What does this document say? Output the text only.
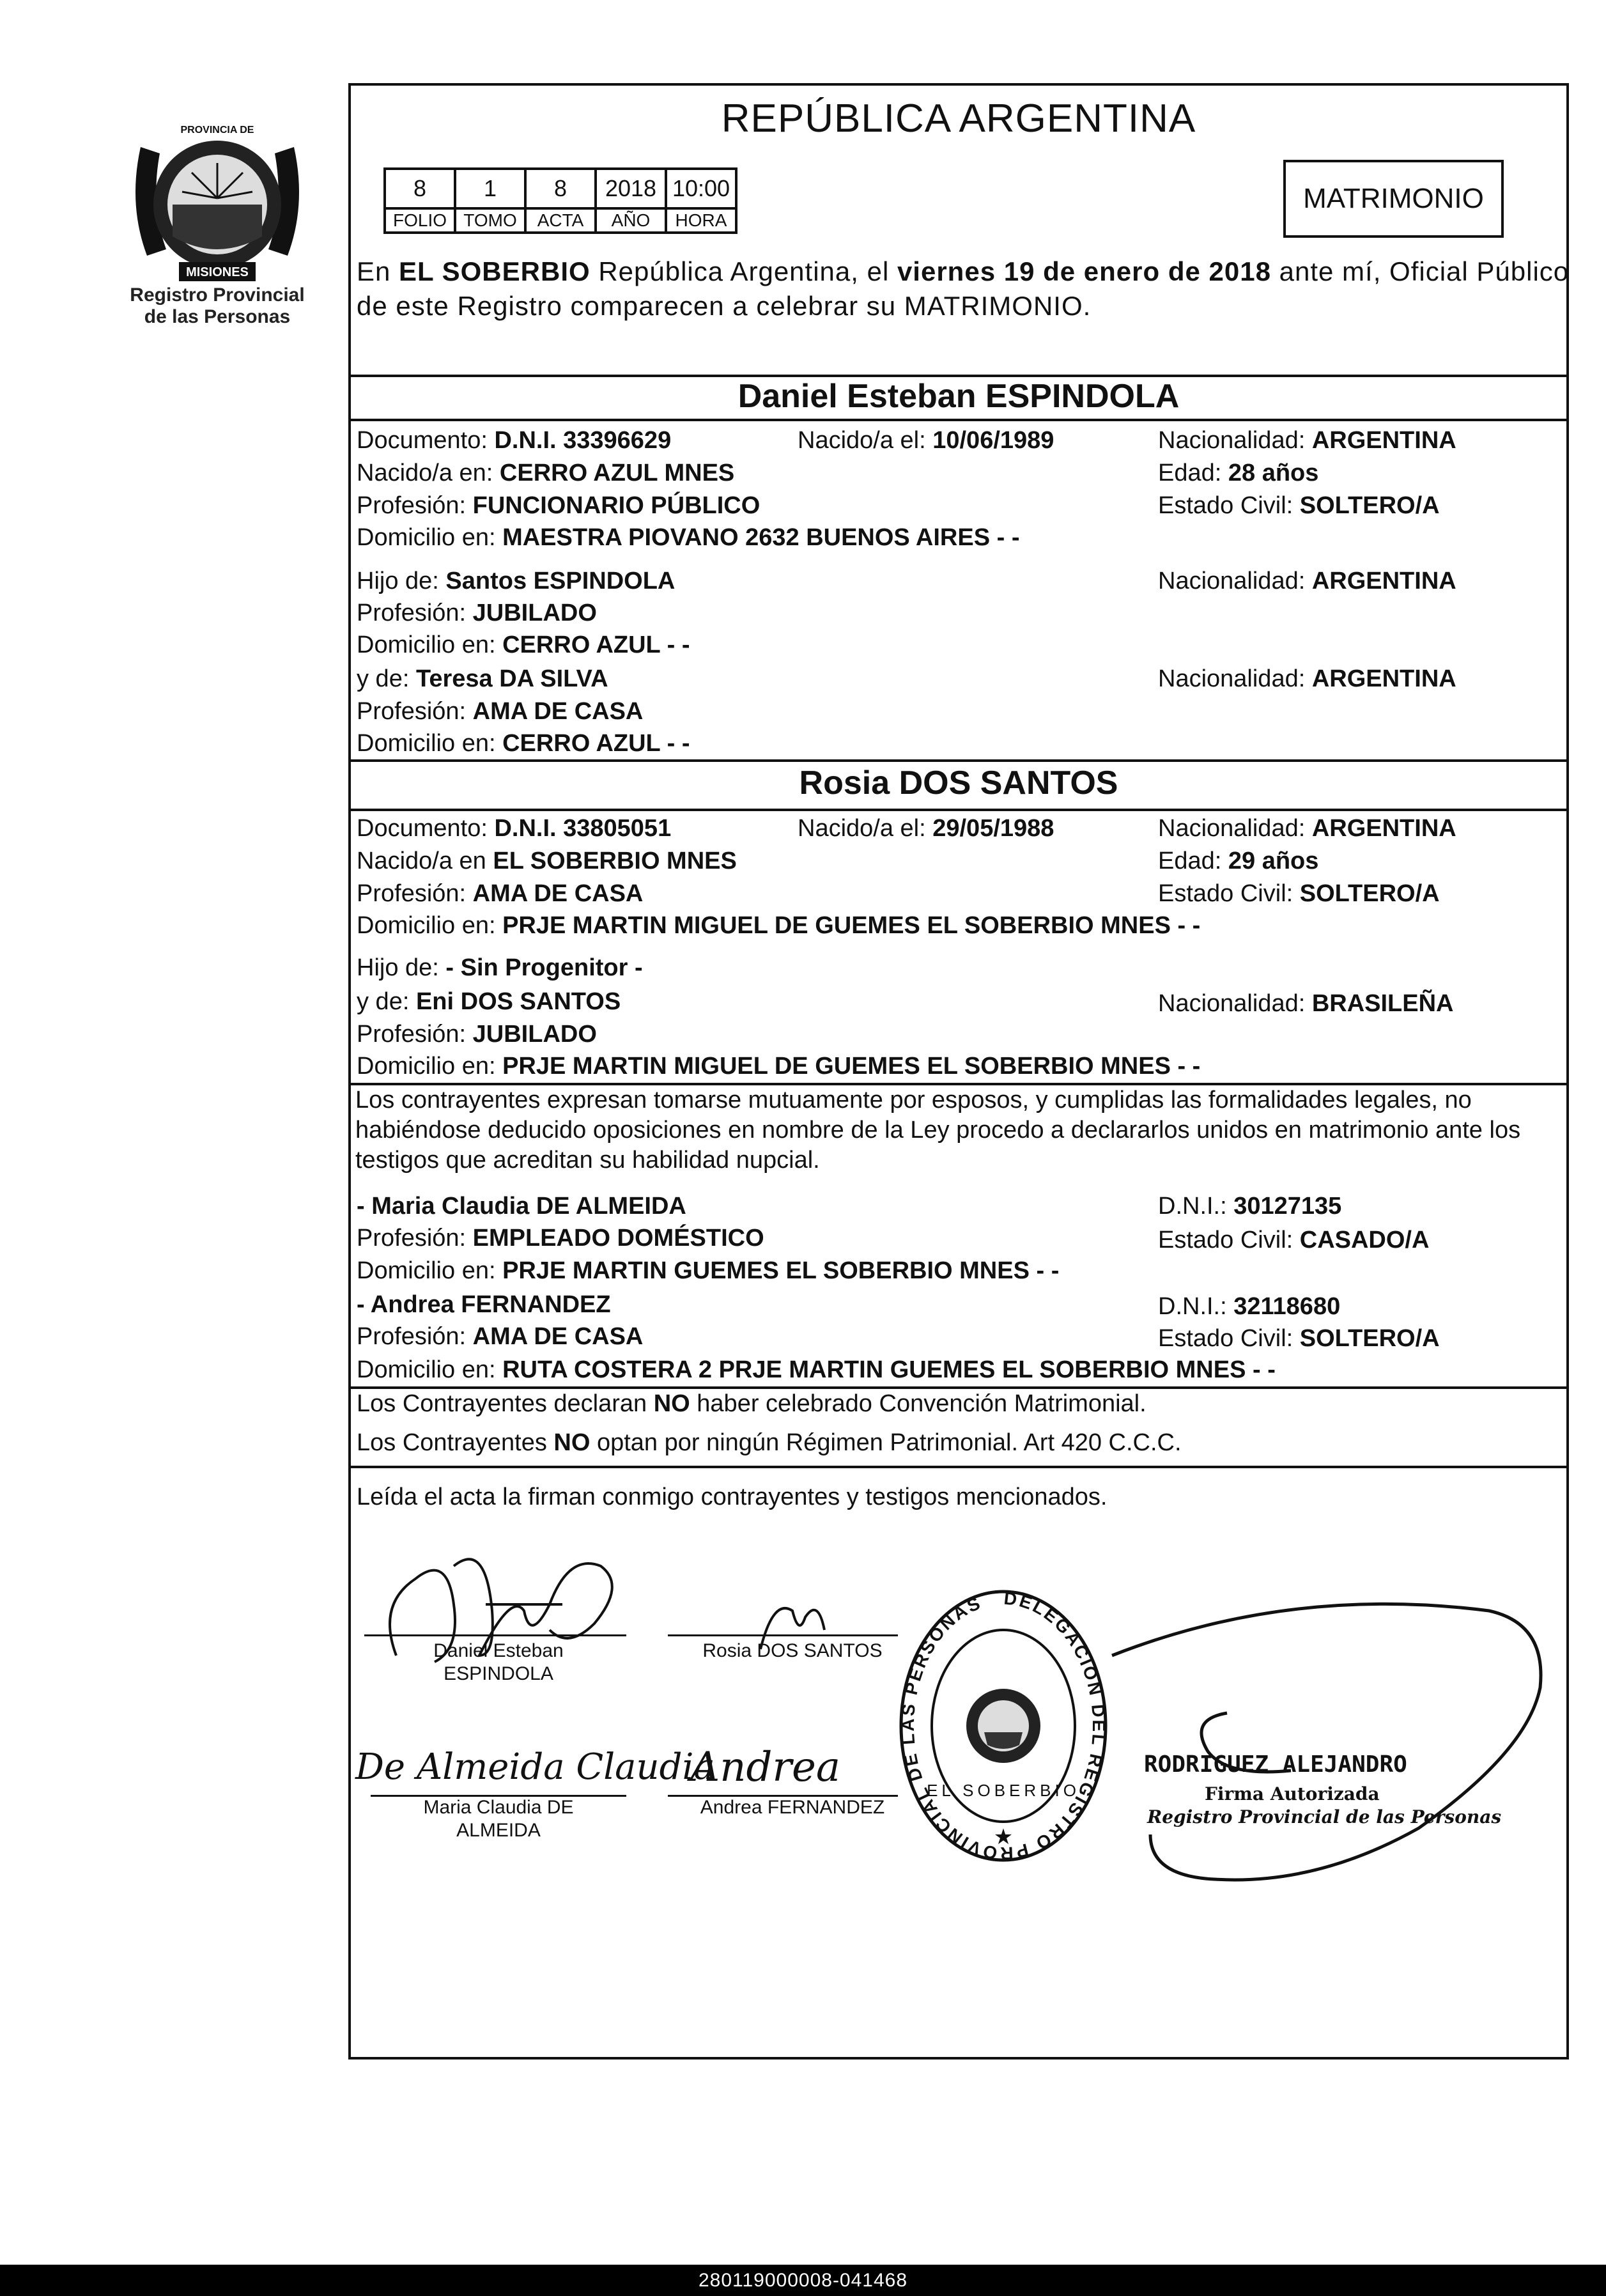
MISIONES
PROVINCIA DE
Registro Provincial
de las Personas
REPÚBLICA ARGENTINA
8	1	8	2018	10:00
FOLIO	TOMO	ACTA	AÑO	HORA
MATRIMONIO
En EL SOBERBIO República Argentina, el viernes 19 de enero de 2018 ante mí, Oficial Público de este Registro comparecen a celebrar su MATRIMONIO.
Daniel Esteban ESPINDOLA
Documento: D.N.I. 33396629	Nacido/a el: 10/06/1989	Nacionalidad: ARGENTINA
Nacido/a en: CERRO AZUL MNES	Edad: 28 años
Profesión: FUNCIONARIO PÚBLICO	Estado Civil: SOLTERO/A
Domicilio en: MAESTRA PIOVANO 2632 BUENOS AIRES - -
Hijo de: Santos ESPINDOLA	Nacionalidad: ARGENTINA
Profesión: JUBILADO
Domicilio en: CERRO AZUL - -
y de: Teresa DA SILVA	Nacionalidad: ARGENTINA
Profesión: AMA DE CASA
Domicilio en: CERRO AZUL - -
Rosia DOS SANTOS
Documento: D.N.I. 33805051	Nacido/a el: 29/05/1988	Nacionalidad: ARGENTINA
Nacido/a en EL SOBERBIO MNES	Edad: 29 años
Profesión: AMA DE CASA	Estado Civil: SOLTERO/A
Domicilio en: PRJE MARTIN MIGUEL DE GUEMES EL SOBERBIO MNES - -
Hijo de: - Sin Progenitor -
y de: Eni DOS SANTOS	Nacionalidad: BRASILEÑA
Profesión: JUBILADO
Domicilio en: PRJE MARTIN MIGUEL DE GUEMES EL SOBERBIO MNES - -
Los contrayentes expresan tomarse mutuamente por esposos, y cumplidas las formalidades legales, no habiéndose deducido oposiciones en nombre de la Ley procedo a declararlos unidos en matrimonio ante los testigos que acreditan su habilidad nupcial.
- Maria Claudia DE ALMEIDA	D.N.I.: 30127135
Profesión: EMPLEADO DOMÉSTICO	Estado Civil: CASADO/A
Domicilio en: PRJE MARTIN GUEMES EL SOBERBIO MNES - -
- Andrea FERNANDEZ	D.N.I.: 32118680
Profesión: AMA DE CASA	Estado Civil: SOLTERO/A
Domicilio en: RUTA COSTERA 2 PRJE MARTIN GUEMES EL SOBERBIO MNES - -
Los Contrayentes declaran NO haber celebrado Convención Matrimonial.
Los Contrayentes NO optan por ningún Régimen Patrimonial. Art 420 C.C.C.
Leída el acta la firman conmigo contrayentes y testigos mencionados.
Daniel Esteban
ESPINDOLA
Rosia DOS SANTOS
De Almeida Claudia
Maria Claudia DE
ALMEIDA
Andrea
Andrea FERNANDEZ
DELEGACION DEL REGISTRO PROVINCIAL DE LAS PERSONAS
EL SOBERBIO
★
RODRIGUEZ ALEJANDRO
Firma Autorizada
Registro Provincial de las Personas
280119000008-041468
